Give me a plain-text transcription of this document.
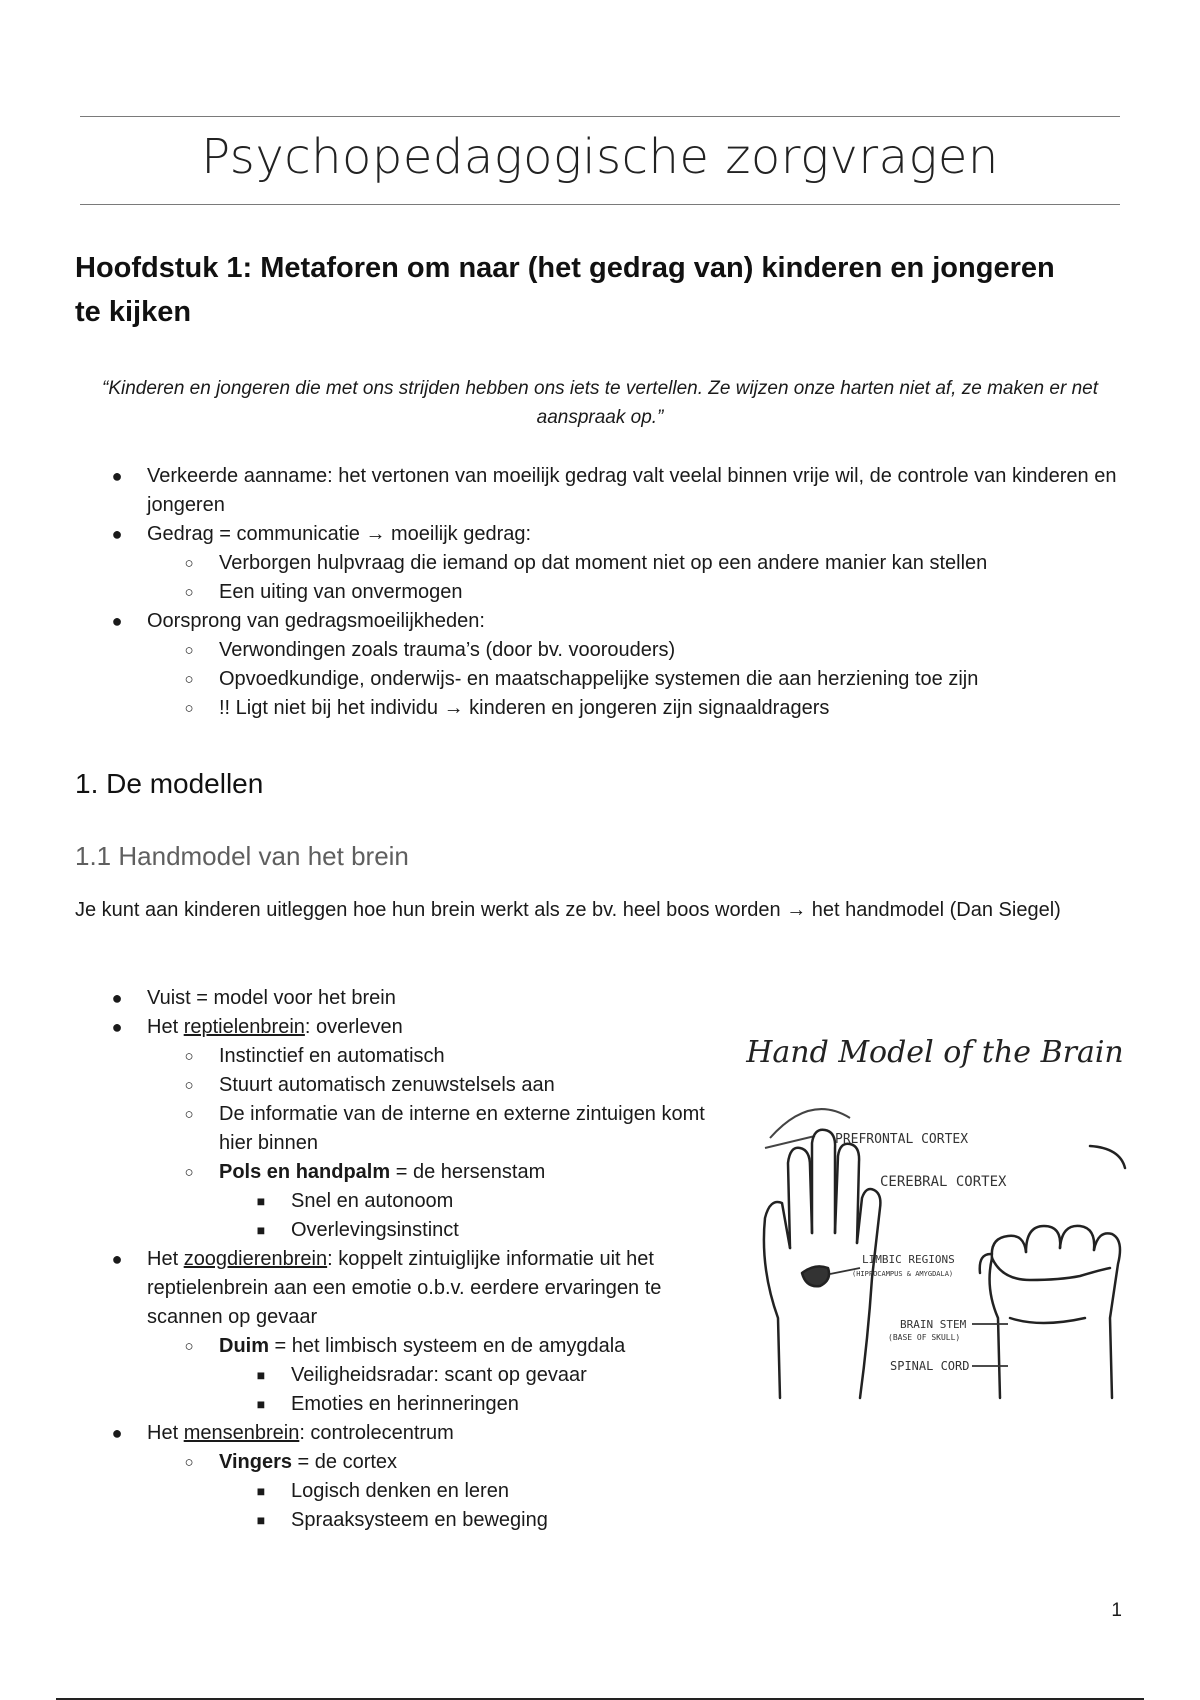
Psychopedagogische zorgvragen
Hoofdstuk 1: Metaforen om naar (het gedrag van) kinderen en jongeren te kijken
“Kinderen en jongeren die met ons strijden hebben ons iets te vertellen. Ze wijzen onze harten niet af, ze maken er net aanspraak op.”
● Verkeerde aanname: het vertonen van moeilijk gedrag valt veelal binnen vrije wil, de controle van kinderen en jongeren
● Gedrag = communicatie → moeilijk gedrag:
○ Verborgen hulpvraag die iemand op dat moment niet op een andere manier kan stellen
○ Een uiting van onvermogen
● Oorsprong van gedragsmoeilijkheden:
○ Verwondingen zoals trauma’s (door bv. voorouders)
○ Opvoedkundige, onderwijs- en maatschappelijke systemen die aan herziening toe zijn
○ !! Ligt niet bij het individu → kinderen en jongeren zijn signaaldragers
1. De modellen
1.1 Handmodel van het brein
Je kunt aan kinderen uitleggen hoe hun brein werkt als ze bv. heel boos worden → het handmodel (Dan Siegel)
● Vuist = model voor het brein
● Het reptielenbrein: overleven
○ Instinctief en automatisch
○ Stuurt automatisch zenuwstelsels aan
○ De informatie van de interne en externe zintuigen komt hier binnen
○ Pols en handpalm = de hersenstam
■ Snel en autonoom
■ Overlevingsinstinct
● Het zoogdierenbrein: koppelt zintuiglijke informatie uit het reptielenbrein aan een emotie o.b.v. eerdere ervaringen te scannen op gevaar
○ Duim = het limbisch systeem en de amygdala
■ Veiligheidsradar: scant op gevaar
■ Emoties en herinneringen
● Het mensenbrein: controlecentrum
○ Vingers = de cortex
■ Logisch denken en leren
■ Spraaksysteem en beweging
Hand Model of the Brain
PREFRONTAL CORTEX
CEREBRAL CORTEX
LIMBIC REGIONS
(HIPPOCAMPUS & AMYGDALA)
BRAIN STEM
(BASE OF SKULL)
SPINAL CORD
1
